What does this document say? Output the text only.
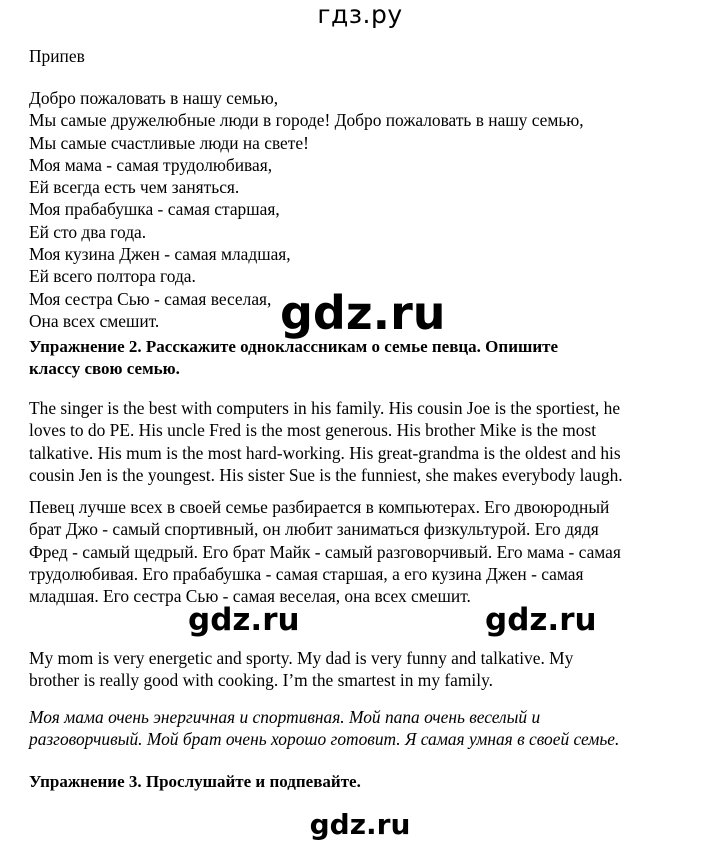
гдз.ру
Припев
Добро пожаловать в нашу семью,
Мы самые дружелюбные люди в городе! Добро пожаловать в нашу семью,
Мы самые счастливые люди на свете!
Моя мама - самая трудолюбивая,
Ей всегда есть чем заняться.
Моя прабабушка - самая старшая,
Ей сто два года.
Моя кузина Джен - самая младшая,
Ей всего полтора года.
Моя сестра Сью - самая веселая,
Она всех смешит.	gdz.ru
Упражнение 2. Расскажите одноклассникам о семье певца. Опишите
классу свою семью.
The singer is the best with computers in his family. His cousin Joe is the sportiest, he
loves to do PE. His uncle Fred is the most generous. His brother Mike is the most
talkative. His mum is the most hard-working. His great-grandma is the oldest and his
cousin Jen is the youngest. His sister Sue is the funniest, she makes everybody laugh.
Певец лучше всех в своей семье разбирается в компьютерах. Его двоюродный
брат Джо - самый спортивный, он любит заниматься физкультурой. Его дядя
Фред - самый щедрый. Его брат Майк - самый разговорчивый. Его мама - самая
трудолюбивая. Его прабабушка - самая старшая, а его кузина Джен - самая
младшая. Его сестра Сью - самая веселая, она всех смешит.
gdz.ru	gdz.ru
My mom is very energetic and sporty. My dad is very funny and talkative. My
brother is really good with cooking. I’m the smartest in my family.
Моя мама очень энергичная и спортивная. Мой папа очень веселый и
разговорчивый. Мой брат очень хорошо готовит. Я самая умная в своей семье.
Упражнение 3. Прослушайте и подпевайте.
gdz.ru
